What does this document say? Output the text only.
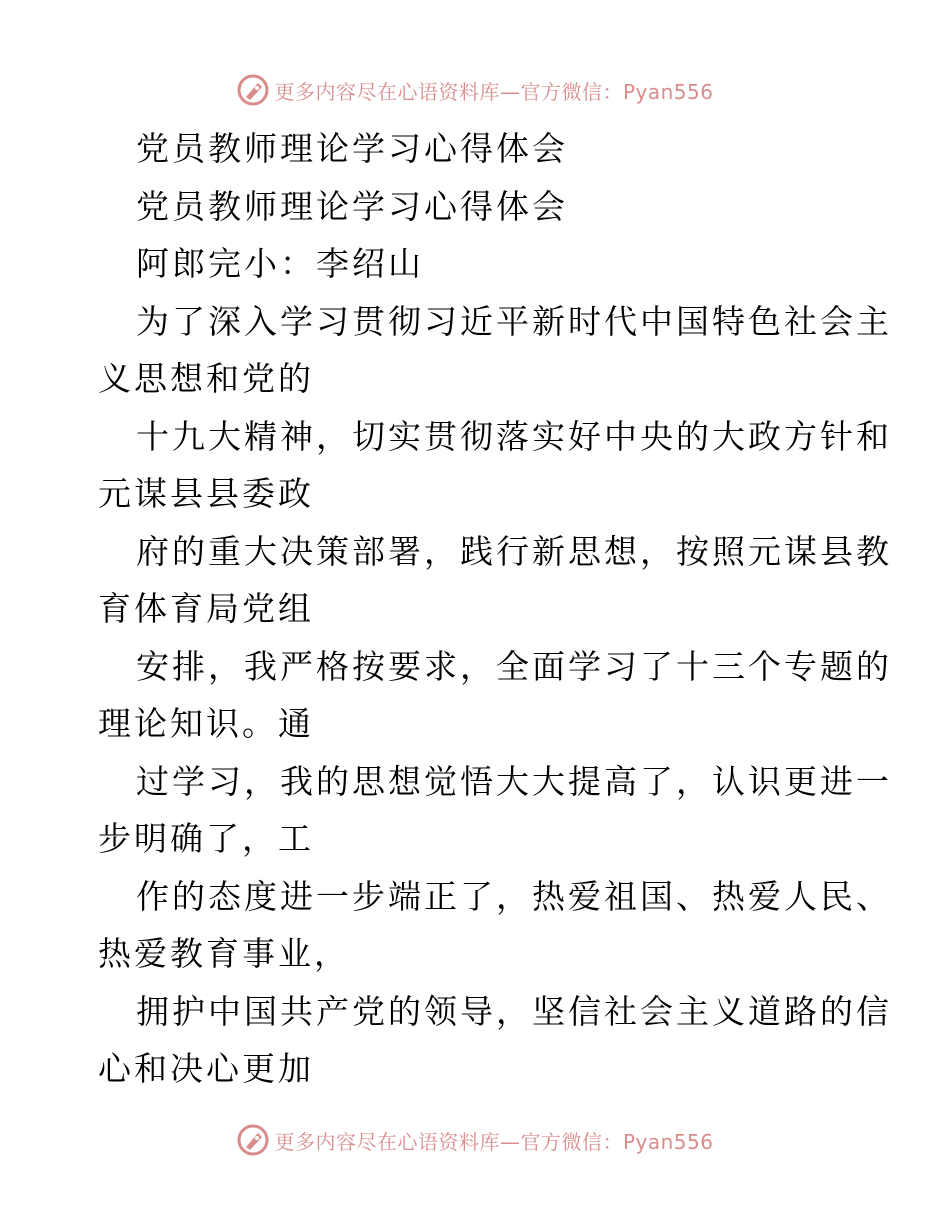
更多内容尽在心语资料库—官方微信：Pyan556
党员教师理论学习心得体会
党员教师理论学习心得体会
阿郎完小：李绍山
为了深入学习贯彻习近平新时代中国特色社会主
义思想和党的
十九大精神，切实贯彻落实好中央的大政方针和
元谋县县委政
府的重大决策部署，践行新思想，按照元谋县教
育体育局党组
安排，我严格按要求，全面学习了十三个专题的
理论知识。通
过学习，我的思想觉悟大大提高了，认识更进一
步明确了，工
作的态度进一步端正了，热爱祖国、热爱人民、
热爱教育事业，
拥护中国共产党的领导，坚信社会主义道路的信
心和决心更加
更多内容尽在心语资料库—官方微信：Pyan556
